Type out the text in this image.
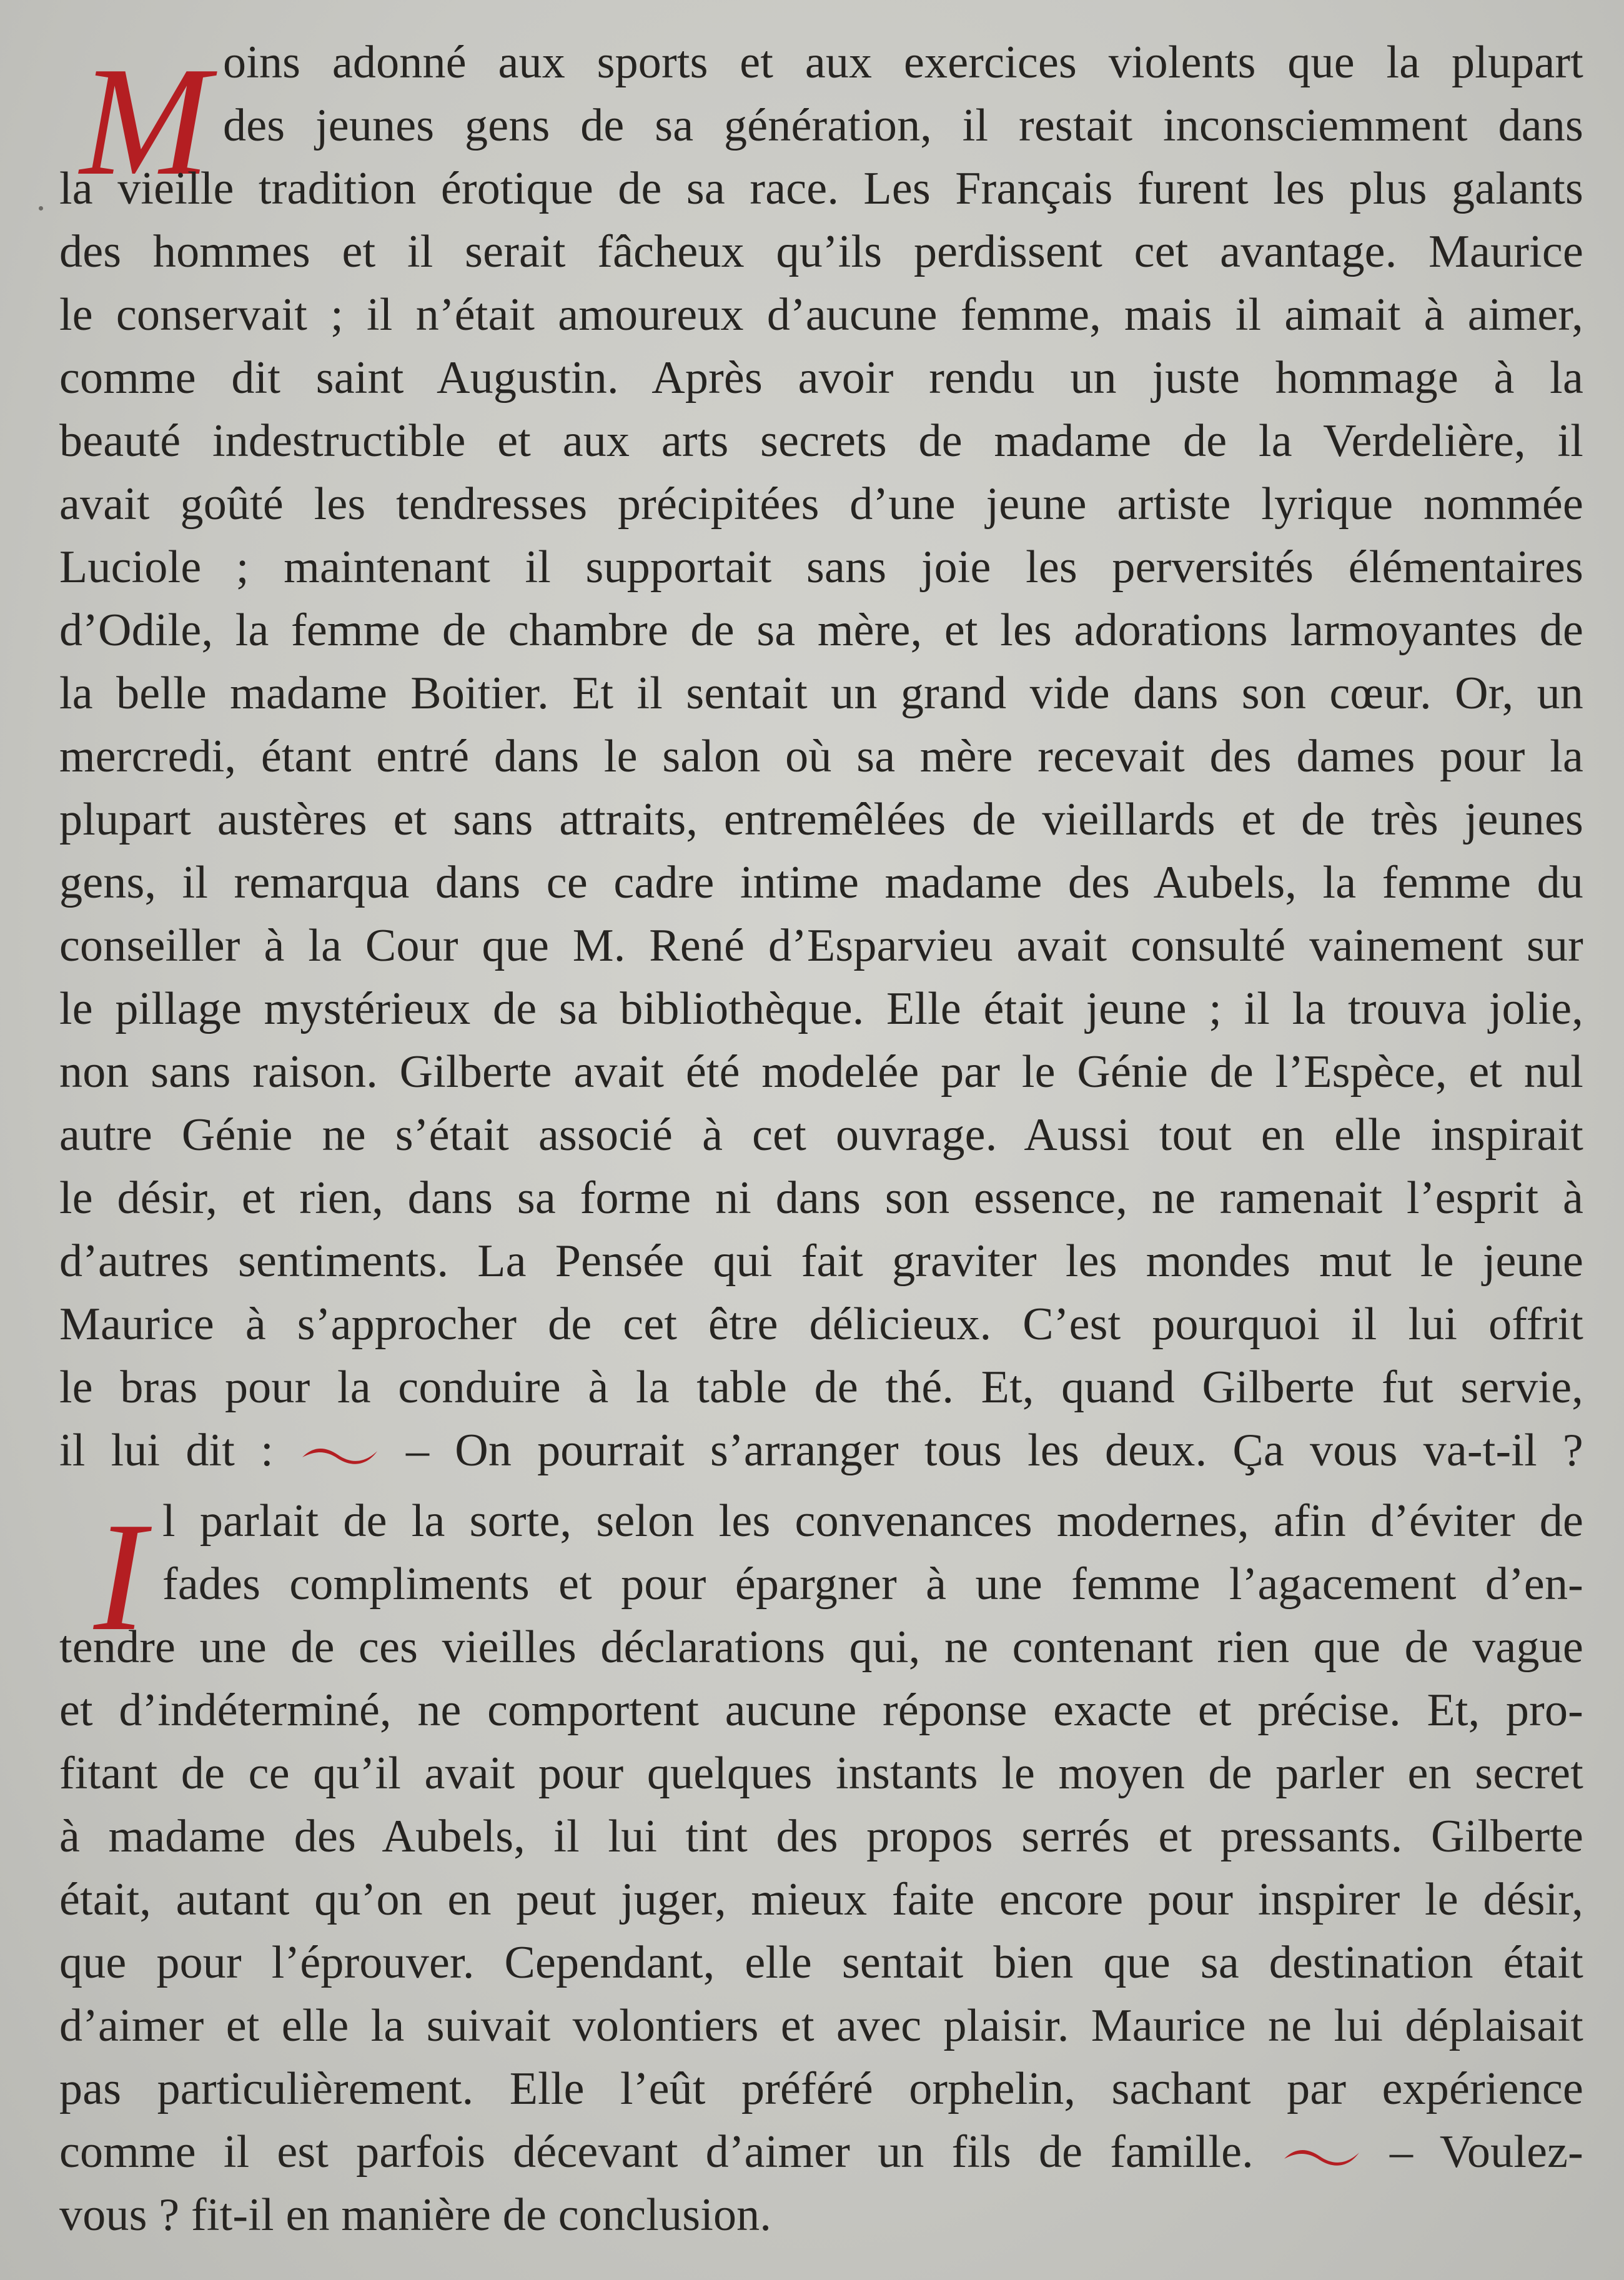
M oins adonné aux sports et aux exercices violents que la plupart
des jeunes gens de sa génération, il restait inconsciemment dans
la vieille tradition érotique de sa race. Les Français furent les plus galants
des hommes et il serait fâcheux qu’ils perdissent cet avantage. Maurice
le conservait ; il n’était amoureux d’aucune femme, mais il aimait à aimer,
comme dit saint Augustin. Après avoir rendu un juste hommage à la
beauté indestructible et aux arts secrets de madame de la Verdelière, il
avait goûté les tendresses précipitées d’une jeune artiste lyrique nommée
Luciole ; maintenant il supportait sans joie les perversités élémentaires
d’Odile, la femme de chambre de sa mère, et les adorations larmoyantes de
la belle madame Boitier. Et il sentait un grand vide dans son cœur. Or, un
mercredi, étant entré dans le salon où sa mère recevait des dames pour la
plupart austères et sans attraits, entremêlées de vieillards et de très jeunes
gens, il remarqua dans ce cadre intime madame des Aubels, la femme du
conseiller à la Cour que M. René d’Esparvieu avait consulté vainement sur
le pillage mystérieux de sa bibliothèque. Elle était jeune ; il la trouva jolie,
non sans raison. Gilberte avait été modelée par le Génie de l’Espèce, et nul
autre Génie ne s’était associé à cet ouvrage. Aussi tout en elle inspirait
le désir, et rien, dans sa forme ni dans son essence, ne ramenait l’esprit à
d’autres sentiments. La Pensée qui fait graviter les mondes mut le jeune
Maurice à s’approcher de cet être délicieux. C’est pourquoi il lui offrit
le bras pour la conduire à la table de thé. Et, quand Gilberte fut servie,
il lui dit :	– On pourrait s’arranger tous les deux. Ça vous va-t-il ?
I l parlait de la sorte, selon les convenances modernes, afin d’éviter de
fades compliments et pour épargner à une femme l’agacement d’en-
tendre une de ces vieilles déclarations qui, ne contenant rien que de vague
et d’indéterminé, ne comportent aucune réponse exacte et précise. Et, pro-
fitant de ce qu’il avait pour quelques instants le moyen de parler en secret
à madame des Aubels, il lui tint des propos serrés et pressants. Gilberte
était, autant qu’on en peut juger, mieux faite encore pour inspirer le désir,
que pour l’éprouver. Cependant, elle sentait bien que sa destination était
d’aimer et elle la suivait volontiers et avec plaisir. Maurice ne lui déplaisait
pas particulièrement. Elle l’eût préféré orphelin, sachant par expérience
comme il est parfois décevant d’aimer un fils de famille.	– Voulez-
vous ? fit-il en manière de conclusion.
